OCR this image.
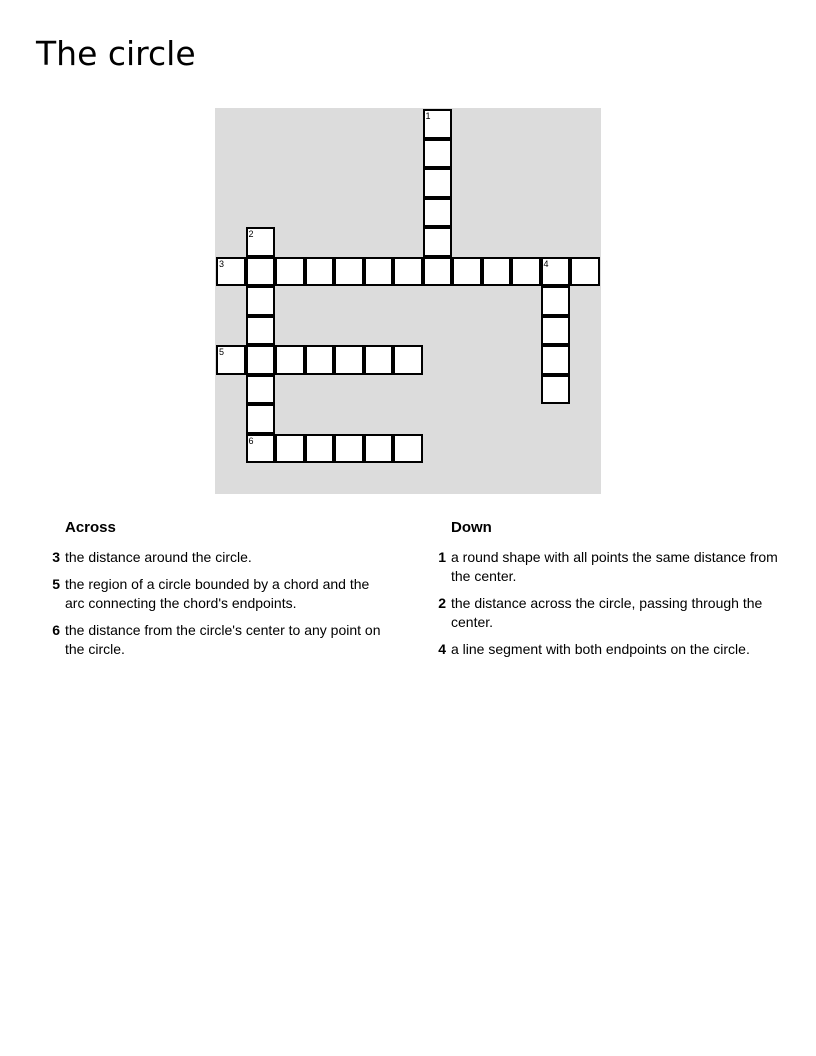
The circle
1
2
3	4
5
6
Across
3 the distance around the circle.
5 the region of a circle bounded by a chord and the arc connecting the chord's endpoints.
6 the distance from the circle's center to any point on the circle.
Down
1 a round shape with all points the same distance from the center.
2 the distance across the circle, passing through the center.
4 a line segment with both endpoints on the circle.
